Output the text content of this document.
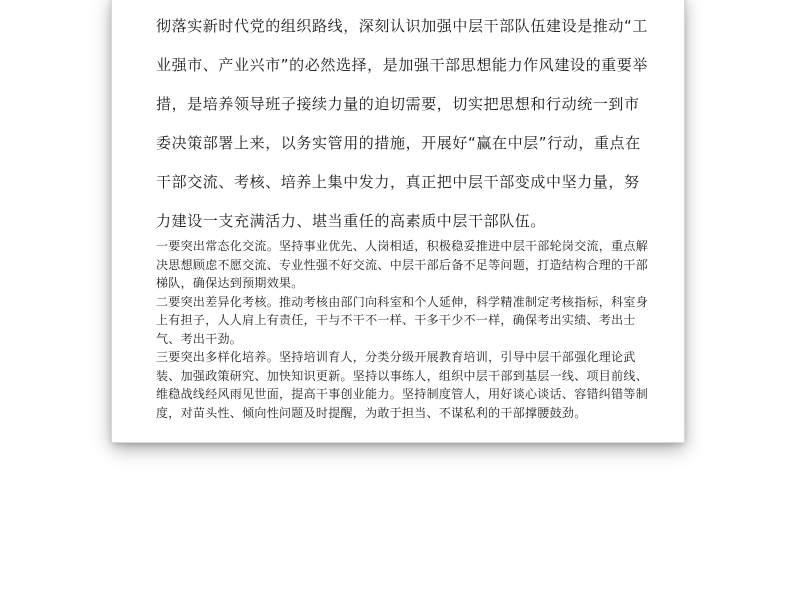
彻落实新时代党的组织路线，深刻认识加强中层干部队伍建设是推动“工业强市、产业兴市”的必然选择，是加强干部思想能力作风建设的重要举措，是培养领导班子接续力量的迫切需要，切实把思想和行动统一到市委决策部署上来，以务实管用的措施，开展好“赢在中层”行动，重点在干部交流、考核、培养上集中发力，真正把中层干部变成中坚力量，努力建设一支充满活力、堪当重任的高素质中层干部队伍。

一要突出常态化交流。坚持事业优先、人岗相适，积极稳妥推进中层干部轮岗交流，重点解决思想顾虑不愿交流、专业性强不好交流、中层干部后备不足等问题，打造结构合理的干部梯队，确保达到预期效果。

二要突出差异化考核。推动考核由部门向科室和个人延伸，科学精准制定考核指标，科室身上有担子，人人肩上有责任，干与不干不一样、干多干少不一样，确保考出实绩、考出士气、考出干劲。

三要突出多样化培养。坚持培训育人，分类分级开展教育培训，引导中层干部强化理论武装、加强政策研究、加快知识更新。坚持以事练人，组织中层干部到基层一线、项目前线、维稳战线经风雨见世面，提高干事创业能力。坚持制度管人，用好谈心谈话、容错纠错等制度，对苗头性、倾向性问题及时提醒，为敢于担当、不谋私利的干部撑腰鼓劲。
